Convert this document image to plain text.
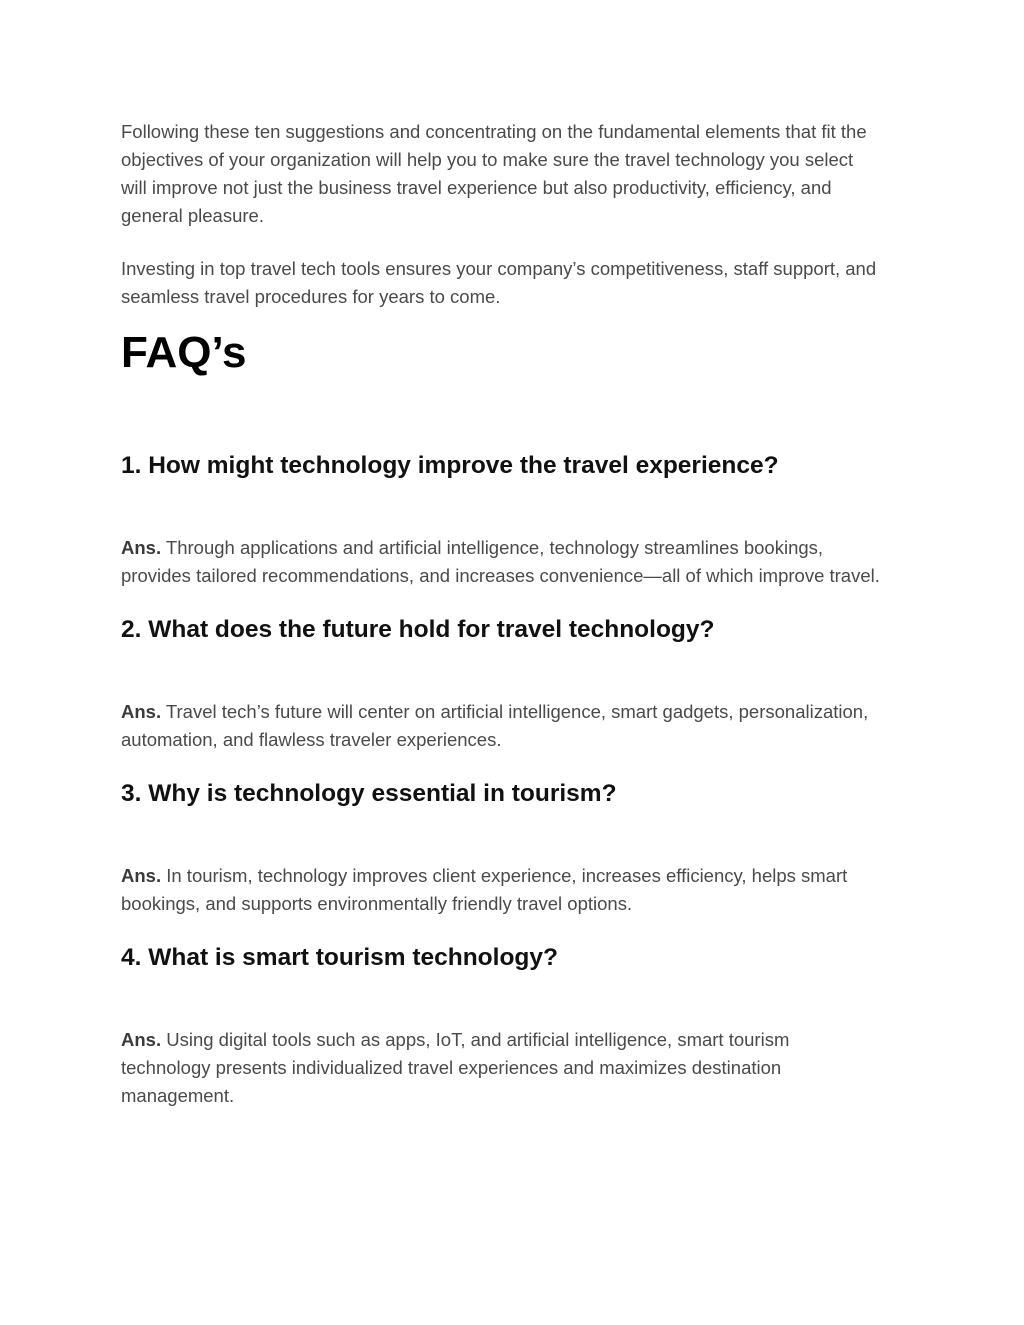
Following these ten suggestions and concentrating on the fundamental elements that fit the objectives of your organization will help you to make sure the travel technology you select will improve not just the business travel experience but also productivity, efficiency, and general pleasure.

Investing in top travel tech tools ensures your company’s competitiveness, staff support, and seamless travel procedures for years to come.

FAQ’s
1. How might technology improve the travel experience?

Ans. Through applications and artificial intelligence, technology streamlines bookings, provides tailored recommendations, and increases convenience—all of which improve travel.

2. What does the future hold for travel technology?

Ans. Travel tech’s future will center on artificial intelligence, smart gadgets, personalization, automation, and flawless traveler experiences.

3. Why is technology essential in tourism?

Ans. In tourism, technology improves client experience, increases efficiency, helps smart bookings, and supports environmentally friendly travel options.

4. What is smart tourism technology?

Ans. Using digital tools such as apps, IoT, and artificial intelligence, smart tourism technology presents individualized travel experiences and maximizes destination management.
